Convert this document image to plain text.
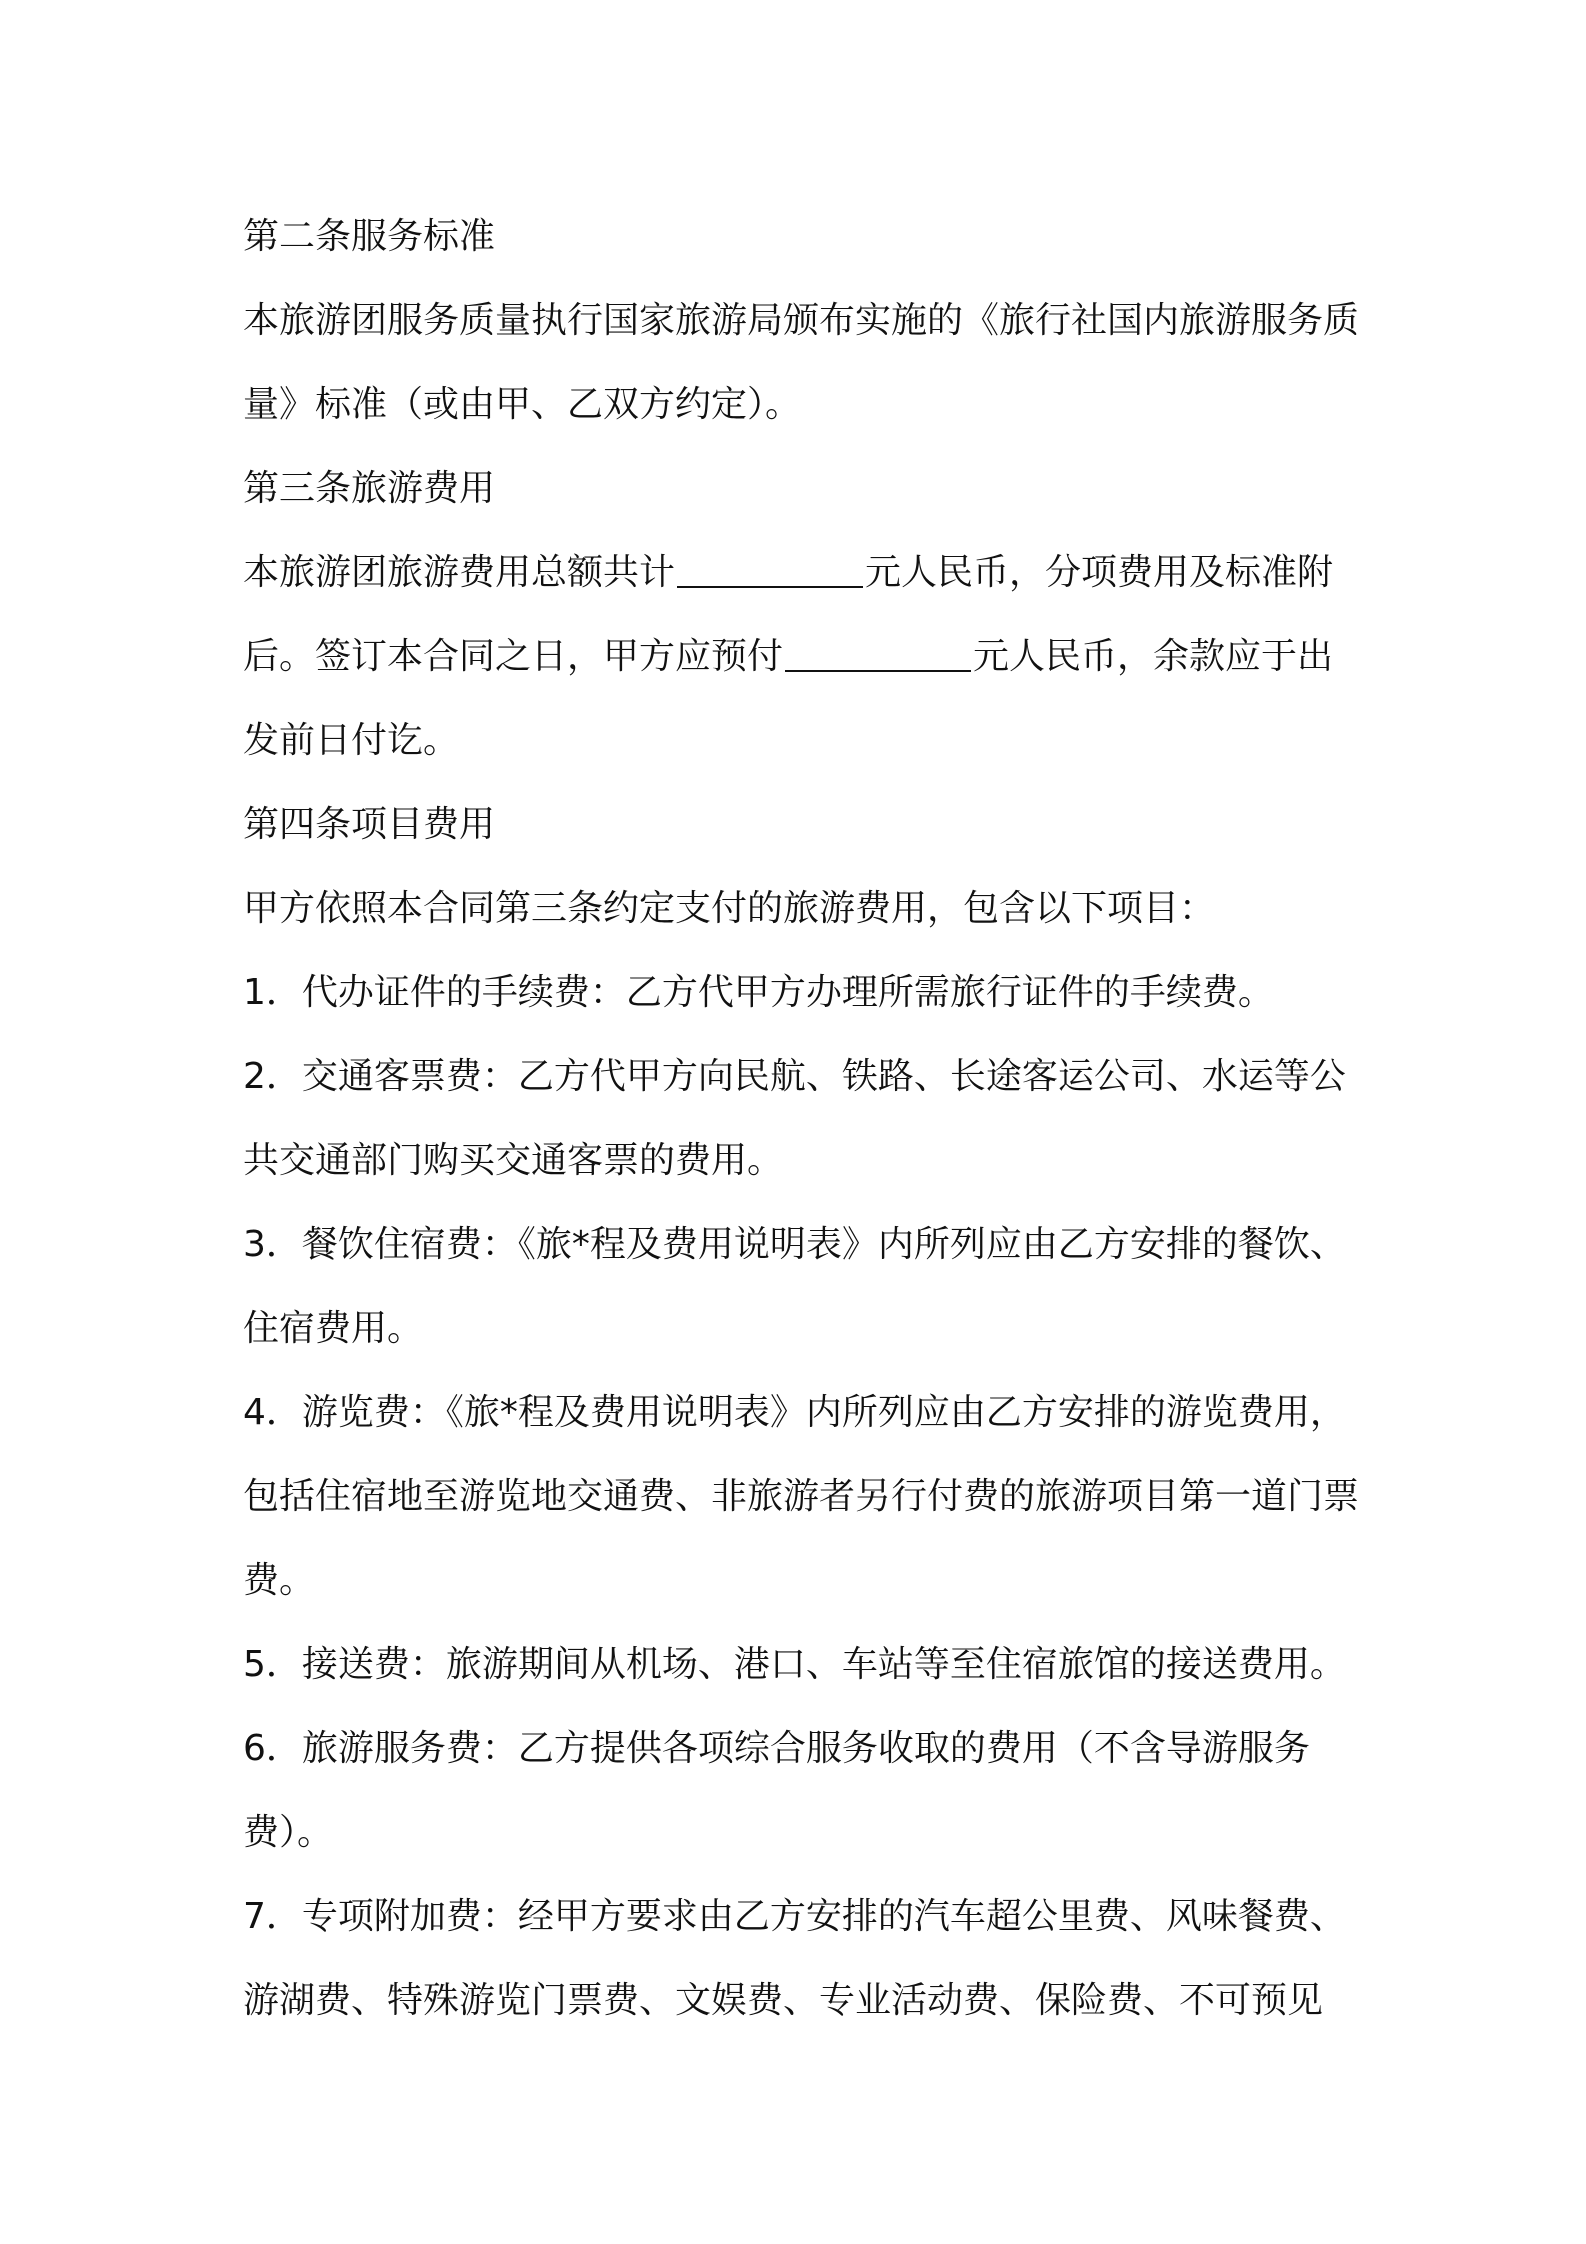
第二条服务标准

本旅游团服务质量执行国家旅游局颁布实施的《旅行社国内旅游服务质量》标准（或由甲、乙双方约定）。

第三条旅游费用

本旅游团旅游费用总额共计	元人民币，分项费用及标准附后。签订本合同之日，甲方应预付	元人民币，余款应于出发前日付讫。

第四条项目费用

甲方依照本合同第三条约定支付的旅游费用，包含以下项目：

1．代办证件的手续费：乙方代甲方办理所需旅行证件的手续费。

2．交通客票费：乙方代甲方向民航、铁路、长途客运公司、水运等公共交通部门购买交通客票的费用。

3．餐饮住宿费：《旅*程及费用说明表》内所列应由乙方安排的餐饮、住宿费用。

4．游览费：《旅*程及费用说明表》内所列应由乙方安排的游览费用，包括住宿地至游览地交通费、非旅游者另行付费的旅游项目第一道门票费。

5．接送费：旅游期间从机场、港口、车站等至住宿旅馆的接送费用。

6．旅游服务费：乙方提供各项综合服务收取的费用（不含导游服务费）。

7．专项附加费：经甲方要求由乙方安排的汽车超公里费、风味餐费、游湖费、特殊游览门票费、文娱费、专业活动费、保险费、不可预见
